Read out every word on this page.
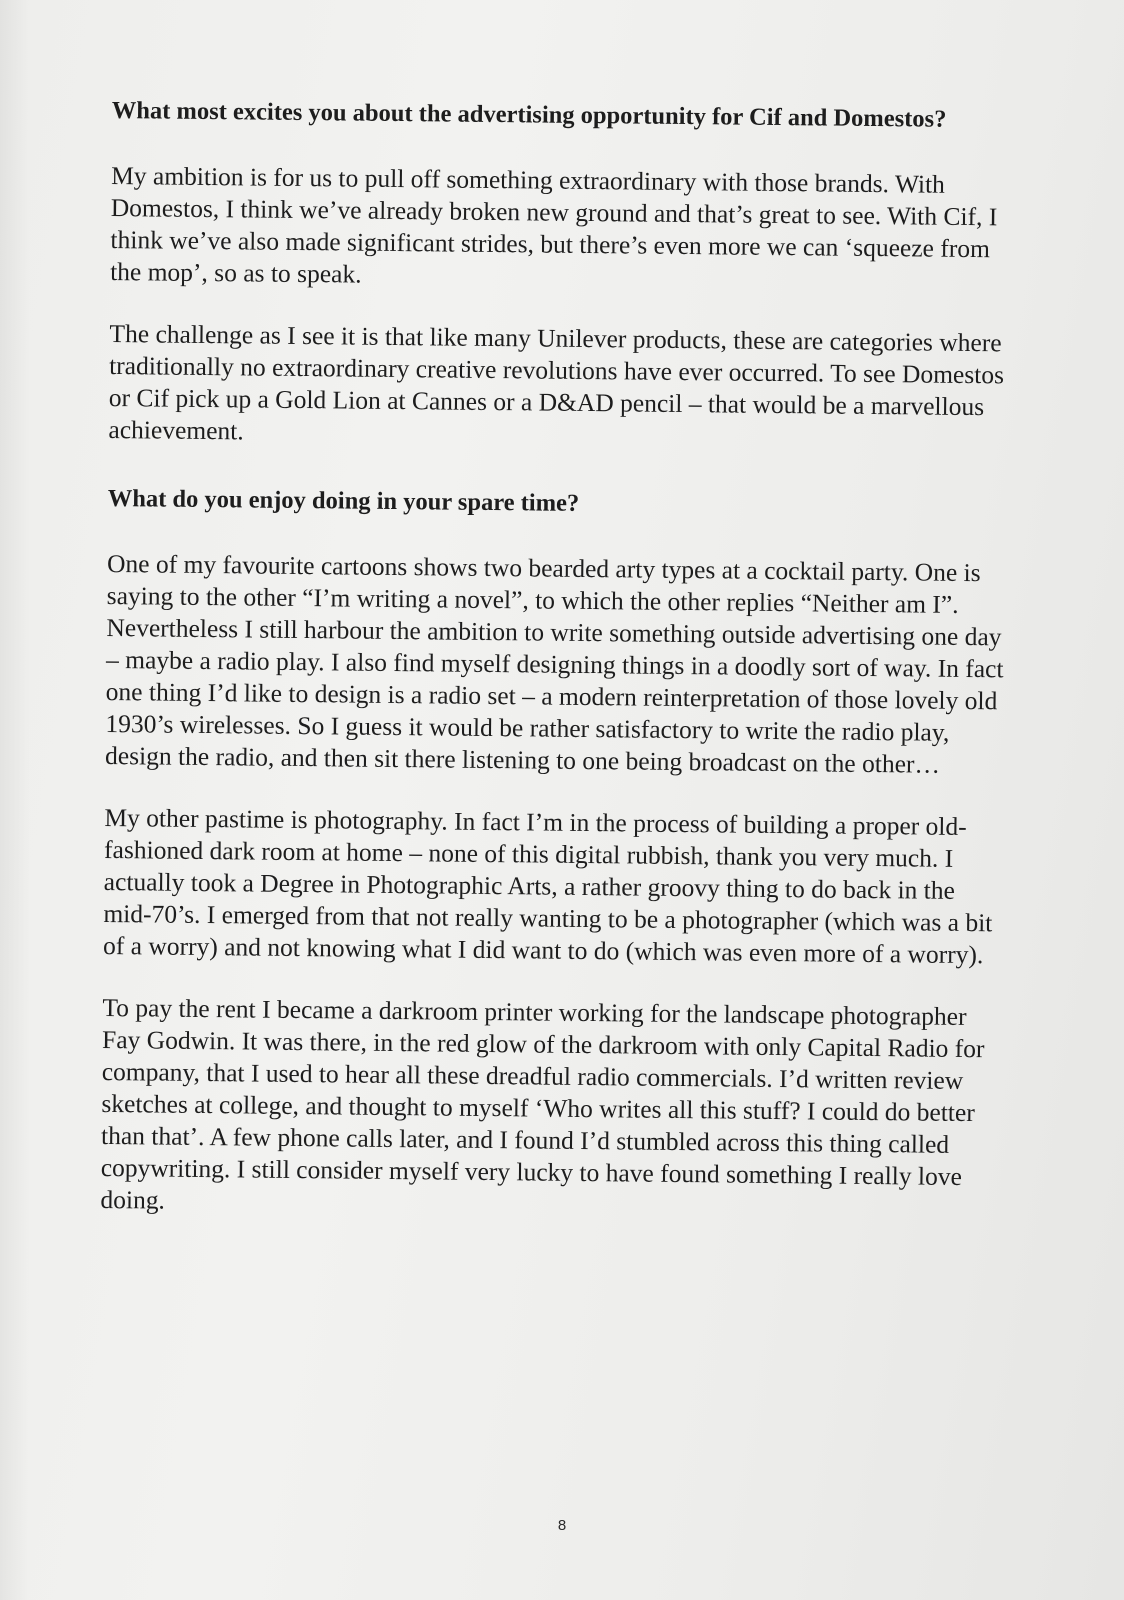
What most excites you about the advertising opportunity for Cif and Domestos?

My ambition is for us to pull off something extraordinary with those brands. With Domestos, I think we’ve already broken new ground and that’s great to see. With Cif, I think we’ve also made significant strides, but there’s even more we can ‘squeeze from the mop’, so as to speak.

The challenge as I see it is that like many Unilever products, these are categories where traditionally no extraordinary creative revolutions have ever occurred. To see Domestos or Cif pick up a Gold Lion at Cannes or a D&AD pencil – that would be a marvellous achievement.

What do you enjoy doing in your spare time?

One of my favourite cartoons shows two bearded arty types at a cocktail party. One is saying to the other “I’m writing a novel”, to which the other replies “Neither am I”. Nevertheless I still harbour the ambition to write something outside advertising one day – maybe a radio play. I also find myself designing things in a doodly sort of way. In fact one thing I’d like to design is a radio set – a modern reinterpretation of those lovely old 1930’s wirelesses. So I guess it would be rather satisfactory to write the radio play, design the radio, and then sit there listening to one being broadcast on the other…

My other pastime is photography. In fact I’m in the process of building a proper old-fashioned dark room at home – none of this digital rubbish, thank you very much. I actually took a Degree in Photographic Arts, a rather groovy thing to do back in the mid-70’s. I emerged from that not really wanting to be a photographer (which was a bit of a worry) and not knowing what I did want to do (which was even more of a worry).

To pay the rent I became a darkroom printer working for the landscape photographer Fay Godwin. It was there, in the red glow of the darkroom with only Capital Radio for company, that I used to hear all these dreadful radio commercials. I’d written review sketches at college, and thought to myself ‘Who writes all this stuff? I could do better than that’. A few phone calls later, and I found I’d stumbled across this thing called copywriting. I still consider myself very lucky to have found something I really love doing.

8
